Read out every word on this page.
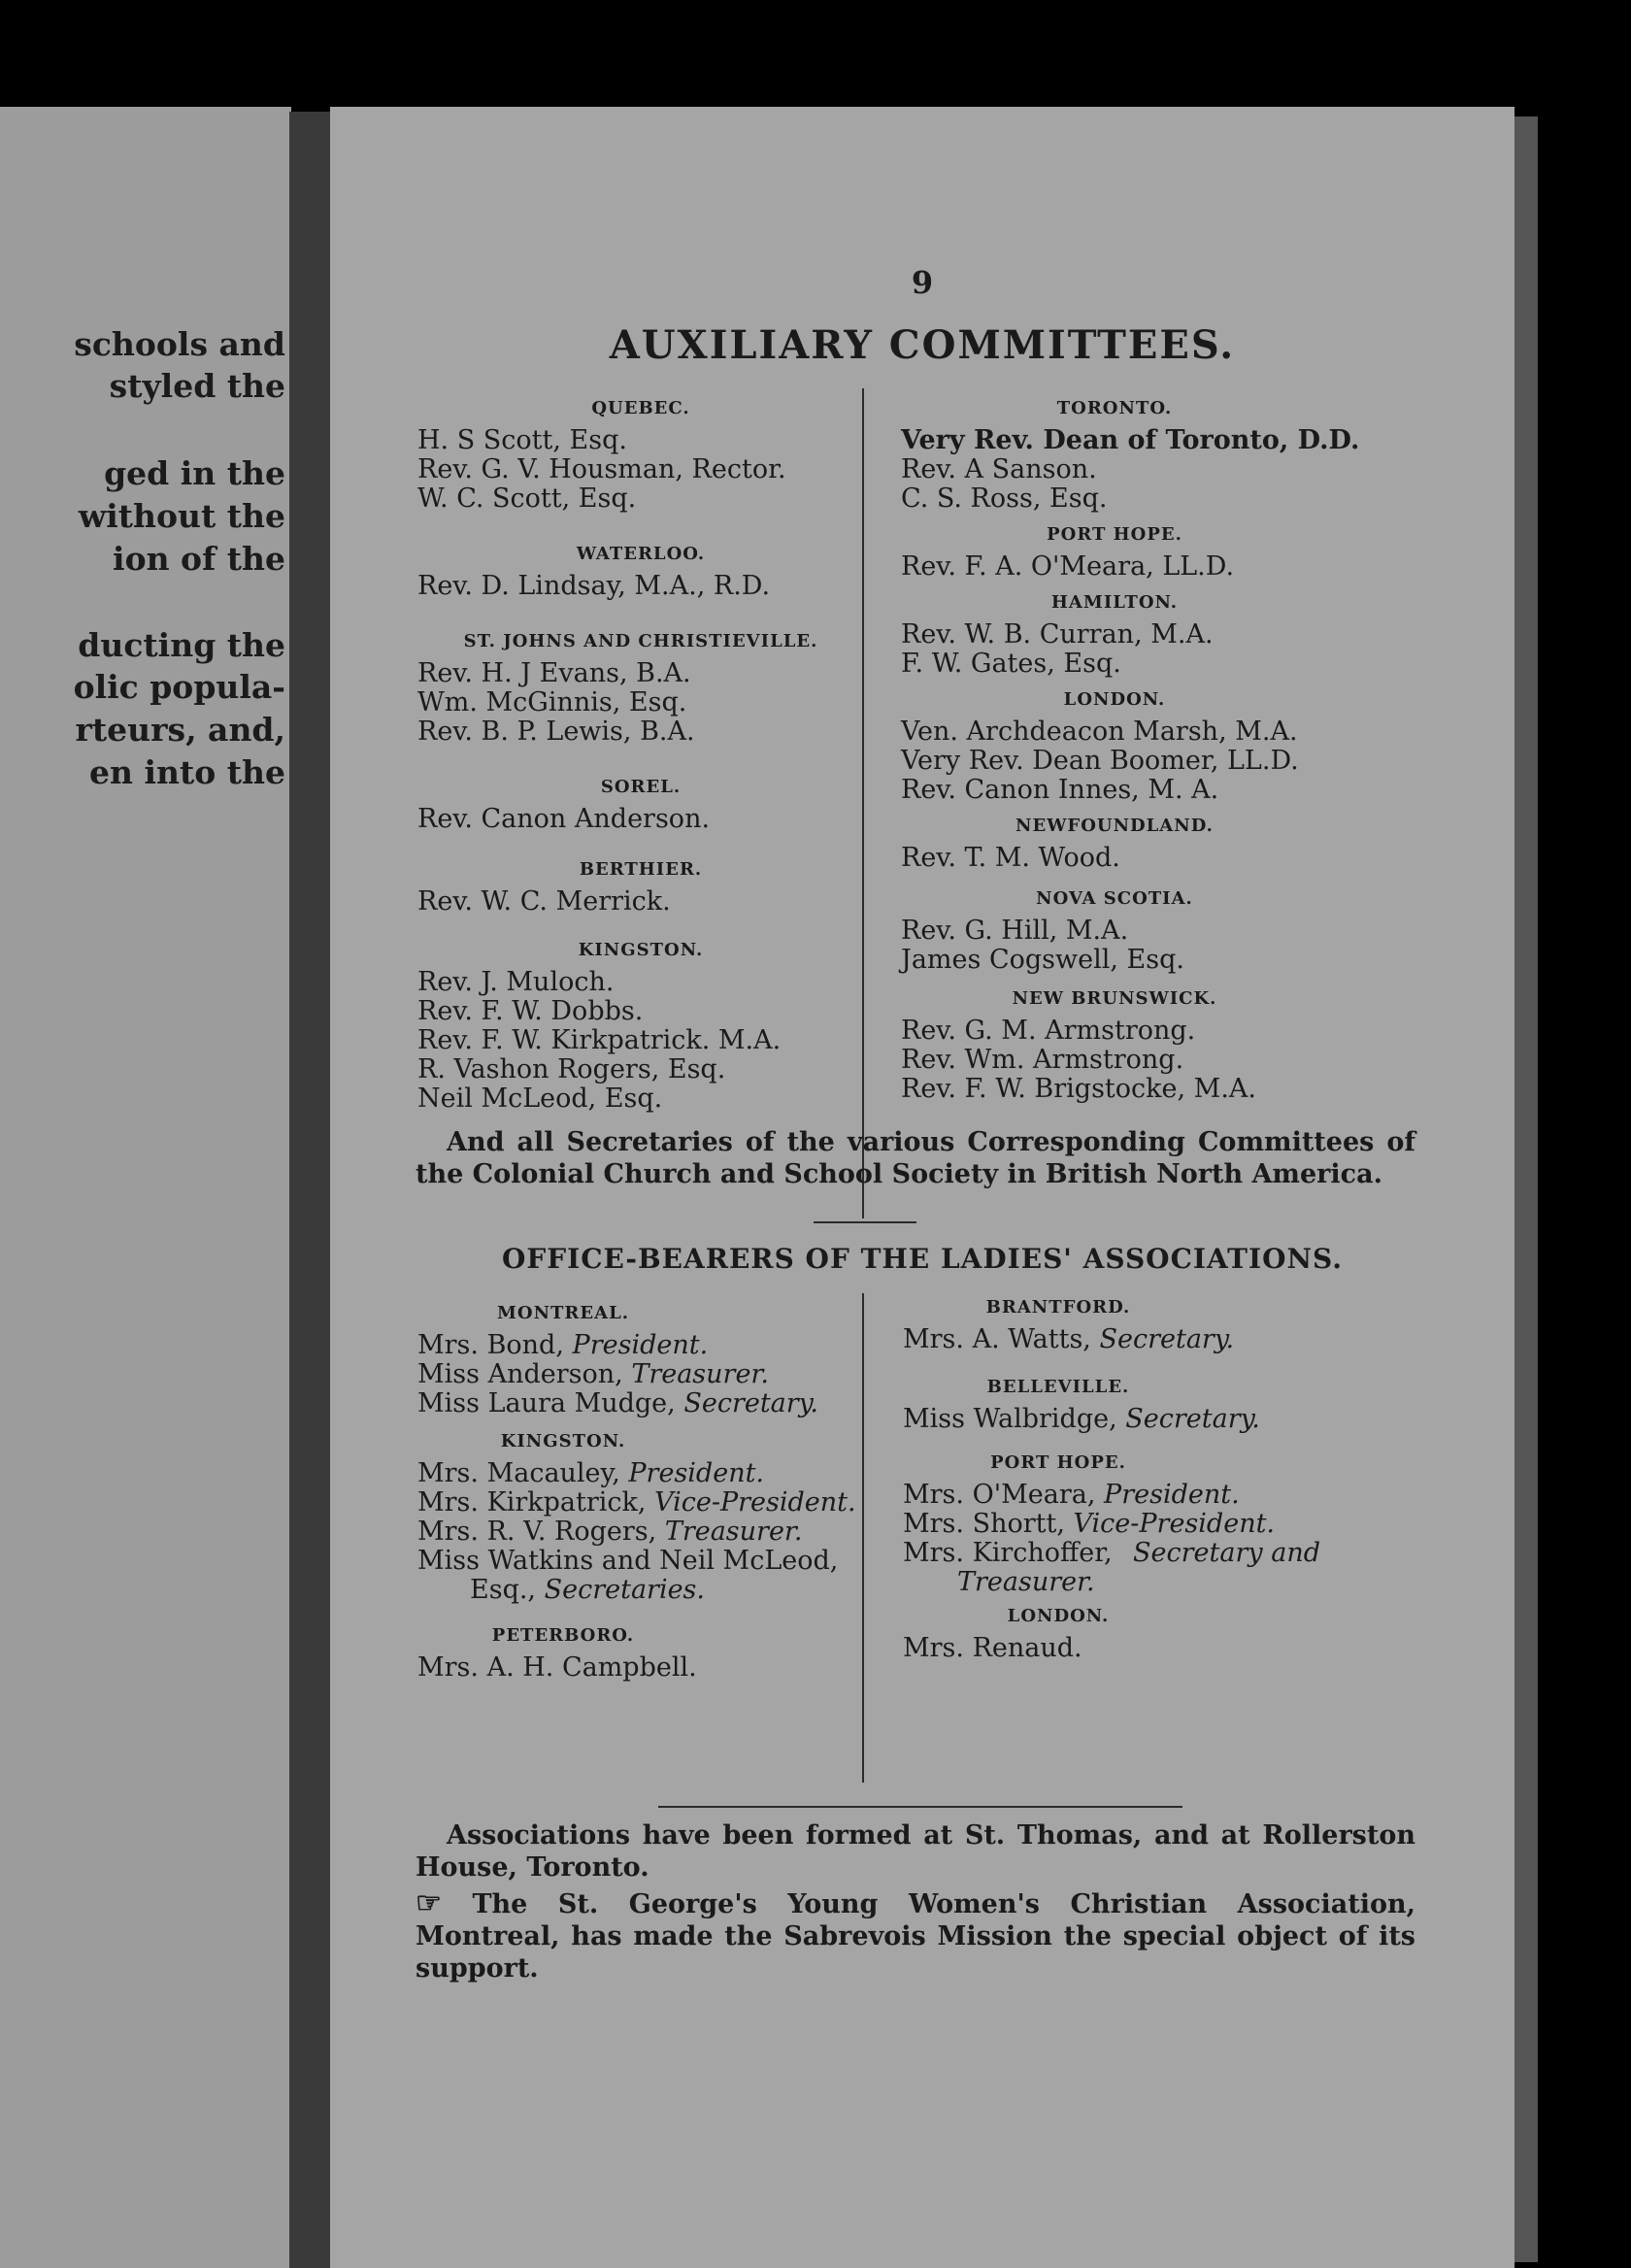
schools and
styled the
ged in the
without the
ion of the
ducting the
olic popula-
rteurs, and,
en into the
9
AUXILIARY COMMITTEES.
QUEBEC.
H. S Scott, Esq.
Rev. G. V. Housman, Rector.
W. C. Scott, Esq.
WATERLOO.
Rev. D. Lindsay, M.A., R.D.
ST. JOHNS AND CHRISTIEVILLE.
Rev. H. J Evans, B.A.
Wm. McGinnis, Esq.
Rev. B. P. Lewis, B.A.
SOREL.
Rev. Canon Anderson.
BERTHIER.
Rev. W. C. Merrick.
KINGSTON.
Rev. J. Muloch.
Rev. F. W. Dobbs.
Rev. F. W. Kirkpatrick. M.A.
R. Vashon Rogers, Esq.
Neil McLeod, Esq.
TORONTO.
Very Rev. Dean of Toronto, D.D.
Rev. A Sanson.
C. S. Ross, Esq.
PORT HOPE.
Rev. F. A. O'Meara, LL.D.
HAMILTON.
Rev. W. B. Curran, M.A.
F. W. Gates, Esq.
LONDON.
Ven. Archdeacon Marsh, M.A.
Very Rev. Dean Boomer, LL.D.
Rev. Canon Innes, M. A.
NEWFOUNDLAND.
Rev. T. M. Wood.
NOVA SCOTIA.
Rev. G. Hill, M.A.
James Cogswell, Esq.
NEW BRUNSWICK.
Rev. G. M. Armstrong.
Rev. Wm. Armstrong.
Rev. F. W. Brigstocke, M.A.
And all Secretaries of the various Corresponding Committees of the Colonial Church and School Society in British North America.
OFFICE-BEARERS OF THE LADIES' ASSOCIATIONS.
MONTREAL.
Mrs. Bond, President.
Miss Anderson, Treasurer.
Miss Laura Mudge, Secretary.
KINGSTON.
Mrs. Macauley, President.
Mrs. Kirkpatrick, Vice-President.
Mrs. R. V. Rogers, Treasurer.
Miss Watkins and Neil McLeod,
Esq., Secretaries.
PETERBORO.
Mrs. A. H. Campbell.
BRANTFORD.
Mrs. A. Watts, Secretary.
BELLEVILLE.
Miss Walbridge, Secretary.
PORT HOPE.
Mrs. O'Meara, President.
Mrs. Shortt, Vice-President.
Mrs. Kirchoffer, Secretary and
Treasurer.
LONDON.
Mrs. Renaud.
Associations have been formed at St. Thomas, and at Rollerston House, Toronto.
☞ The St. George's Young Women's Christian Association, Montreal, has made the Sabrevois Mission the special object of its support.
